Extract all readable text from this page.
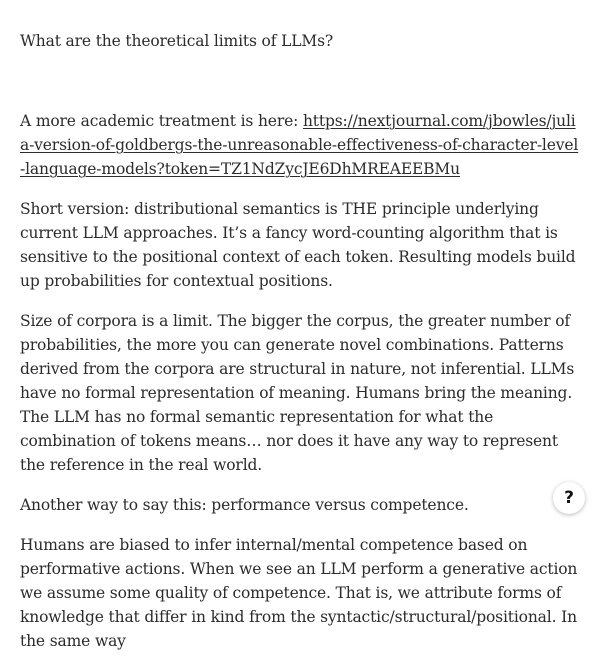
What are the theoretical limits of LLMs?

A more academic treatment is here: https://nextjournal.com/jbowles/julia-version-of-goldbergs-the-unreasonable-effectiveness-of-character-level-language-models?token=TZ1NdZycJE6DhMREAEEBMu

Short version: distributional semantics is THE principle underlying current LLM approaches. It’s a fancy word-counting algorithm that is sensitive to the positional context of each token. Resulting models build up probabilities for contextual positions.

Size of corpora is a limit. The bigger the corpus, the greater number of probabilities, the more you can generate novel combinations. Patterns derived from the corpora are structural in nature, not inferential. LLMs have no formal representation of meaning. Humans bring the meaning. The LLM has no formal semantic representation for what the combination of tokens means… nor does it have any way to represent the reference in the real world.

Another way to say this: performance versus competence.

Humans are biased to infer internal/mental competence based on performative actions. When we see an LLM perform a generative action we assume some quality of competence. That is, we attribute forms of knowledge that differ in kind from the syntactic/structural/positional. In the same way

?
